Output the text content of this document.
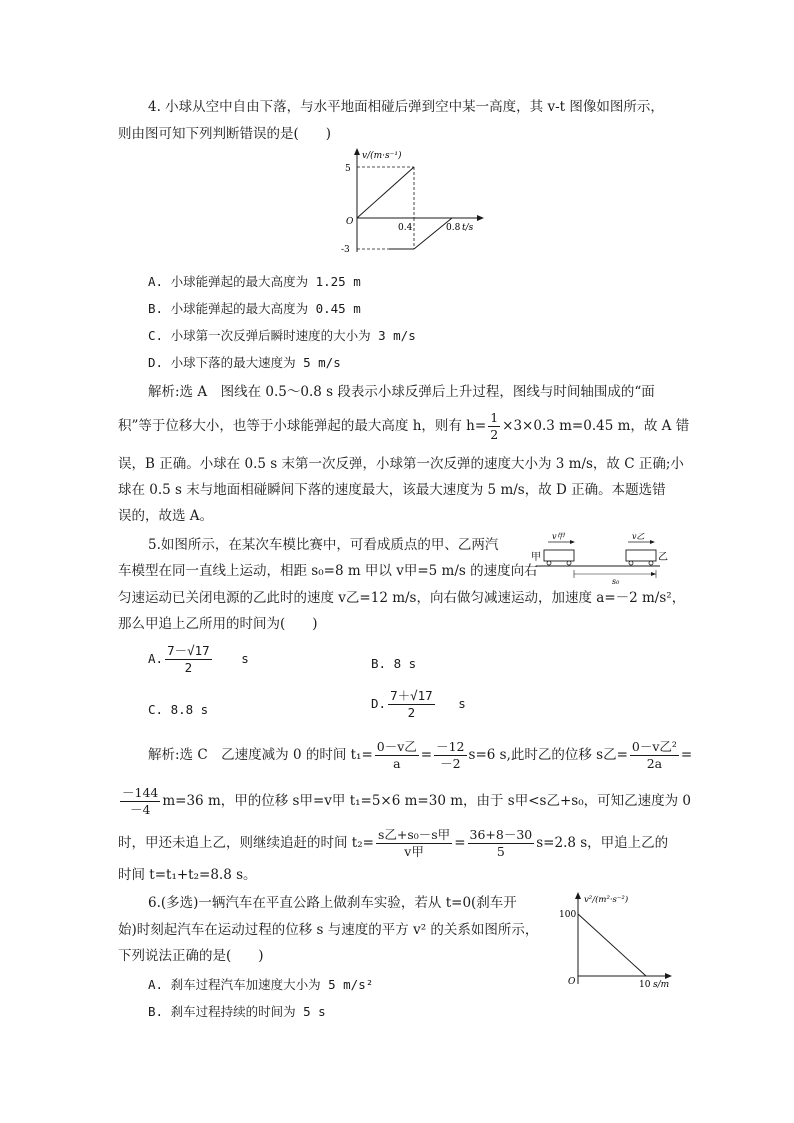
4. 小球从空中自由下落，与水平地面相碰后弹到空中某一高度，其 v-t 图像如图所示，
则由图可知下列判断错误的是(　　)
v/(m·s⁻¹)
5
O
0.4	0.8 t/s
-3
A. 小球能弹起的最大高度为 1.25 m
B. 小球能弹起的最大高度为 0.45 m
C. 小球第一次反弹后瞬时速度的大小为 3 m/s
D. 小球下落的最大速度为 5 m/s
解析:选 A　图线在 0.5～0.8 s 段表示小球反弹后上升过程，图线与时间轴围成的“面
积”等于位移大小，也等于小球能弹起的最大高度 h，则有 $h= \frac{1}{2} \times 3\times 0.3$ m=0.45 m，故 A 错
误，B 正确。小球在 0.5 s 末第一次反弹，小球第一次反弹的速度大小为 3 m/s，故 C 正确;小
球在 0.5 s 末与地面相碰瞬间下落的速度最大，该最大速度为 5 m/s，故 D 正确。本题选错
误的，故选 A。
5.如图所示，在某次车模比赛中，可看成质点的甲、乙两汽
车模型在同一直线上运动，相距 s₀=8 m 甲以 v甲=5 m/s 的速度向右
v甲	v乙
甲	乙
s₀
匀速运动已关闭电源的乙此时的速度 v乙=12 m/s，向右做匀减速运动，加速度 a=－2 m/s²，
那么甲追上乙所用的时间为(　　)
A. $\frac{7-√17}{2}$ s	B. 8 s
C. 8.8 s	D. $\frac{7+√17}{2}$ s
解析:选 C　乙速度减为 0 的时间 $t_1= \frac{\text{0－v乙}}{a} = \frac{-12}{-2} s=6$ s,此时乙的位移 s乙= $\frac{\text{0－v乙²}}{2a}$ =
$\frac{-144}{-4} m=36$ m，甲的位移 s甲=v甲 t₁=5×6 m=30 m，由于 s甲<s乙+s₀，可知乙速度为 0
时，甲还未追上乙，则继续追赶的时间 $t_2= \frac{\text{s乙+s₀－s甲}}{\text{v甲}} = \frac{36+8-30}{5} s=2.8$ s，甲追上乙的
时间 t=t₁+t₂=8.8 s。
6.(多选)一辆汽车在平直公路上做刹车实验，若从 t=0(刹车开
始)时刻起汽车在运动过程的位移 s 与速度的平方 v² 的关系如图所示，
下列说法正确的是(　　)
v²/(m²·s⁻²)
100
O	10 s/m
A. 刹车过程汽车加速度大小为 5 m/s²
B. 刹车过程持续的时间为 5 s
